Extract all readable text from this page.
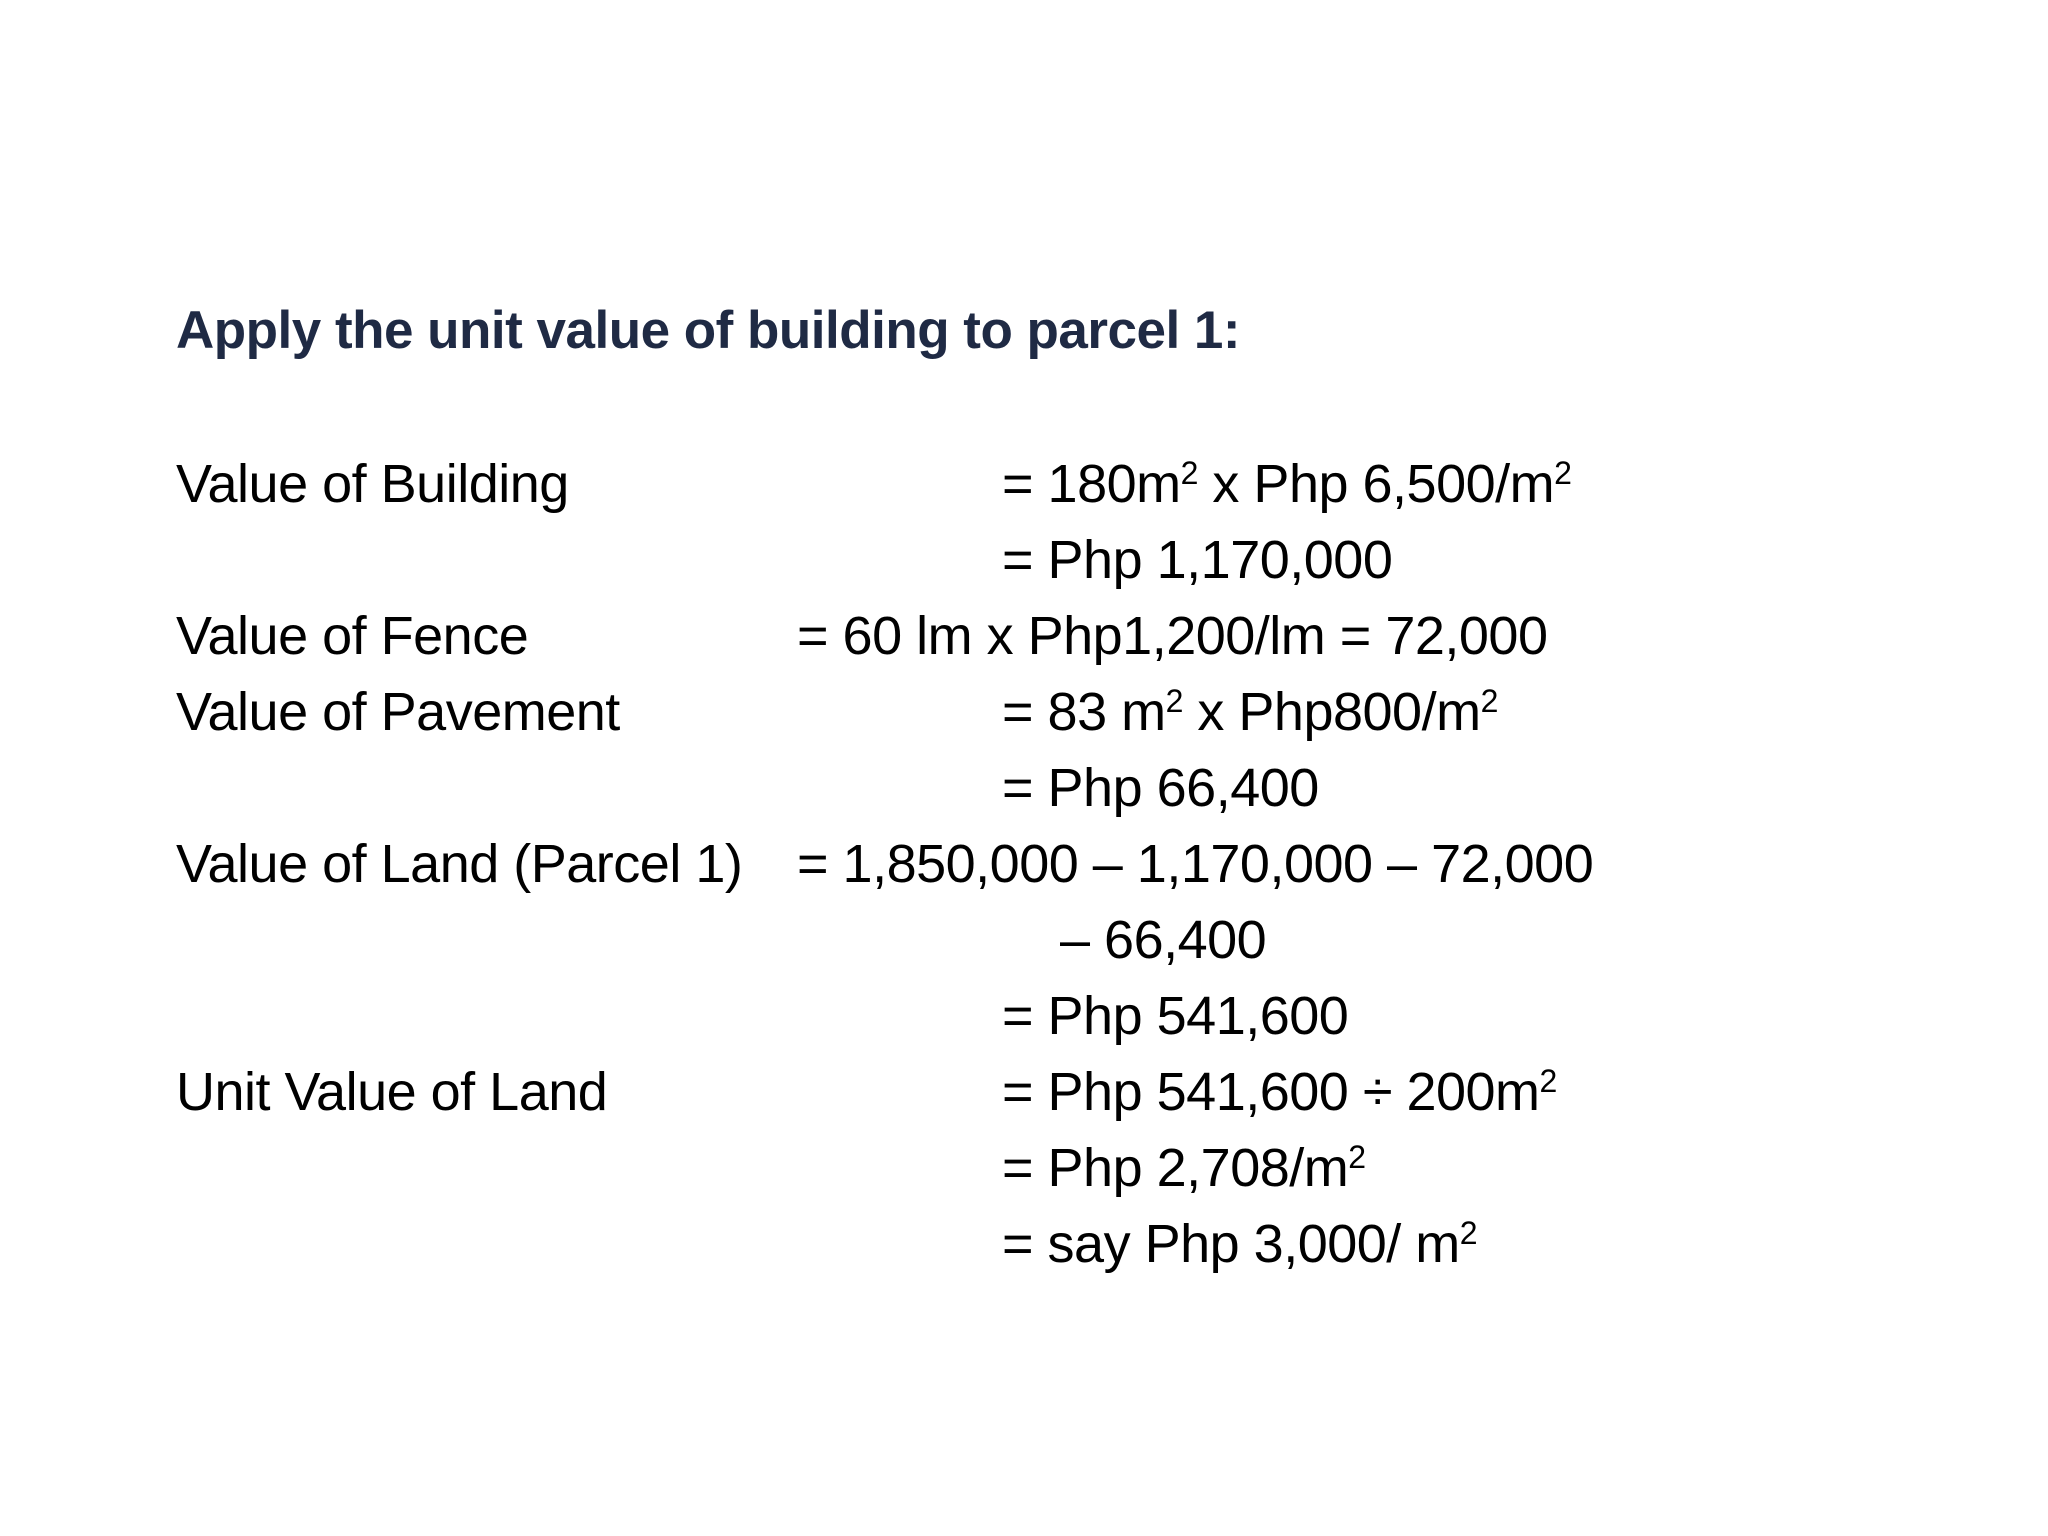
Apply the unit value of building to parcel 1:
Value of Building	= $180m^2$ x Php $6,500/m^2$
= Php 1,170,000
Value of Fence	= 60 lm x Php1,200/lm = 72,000
Value of Pavement	= 83 $m^2$ x $Php800/m^2$
= Php 66,400
Value of Land (Parcel 1) = 1,850,000 – 1,170,000 – 72,000
– 66,400
= Php 541,600
Unit Value of Land	= Php $541,600 \div 200m^2$
= Php $2,708/m^2$
= say Php 3,000/ $m^2$
